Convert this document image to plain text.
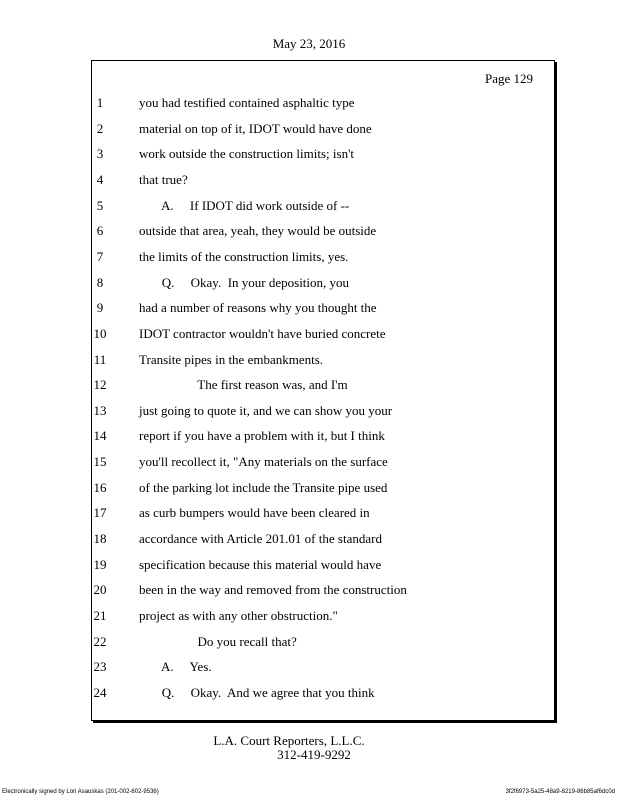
May 23, 2016
Page 129
1	you had testified contained asphaltic type
2	material on top of it, IDOT would have done
3	work outside the construction limits; isn't
4	that true?
5	A.     If IDOT did work outside of --
6	outside that area, yeah, they would be outside
7	the limits of the construction limits, yes.
8	Q.     Okay.  In your deposition, you
9	had a number of reasons why you thought the
10	IDOT contractor wouldn't have buried concrete
11	Transite pipes in the embankments.
12	The first reason was, and I'm
13	just going to quote it, and we can show you your
14	report if you have a problem with it, but I think
15	you'll recollect it, "Any materials on the surface
16	of the parking lot include the Transite pipe used
17	as curb bumpers would have been cleared in
18	accordance with Article 201.01 of the standard
19	specification because this material would have
20	been in the way and removed from the construction
21	project as with any other obstruction."
22	Do you recall that?
23	A.     Yes.
24	Q.     Okay.  And we agree that you think
L.A. Court Reporters, L.L.C.
312-419-9292
Electronically signed by Lori Asauskas (201-002-602-9536)	3f2f6973-5a25-48a9-8219-86b85af6dc0d
